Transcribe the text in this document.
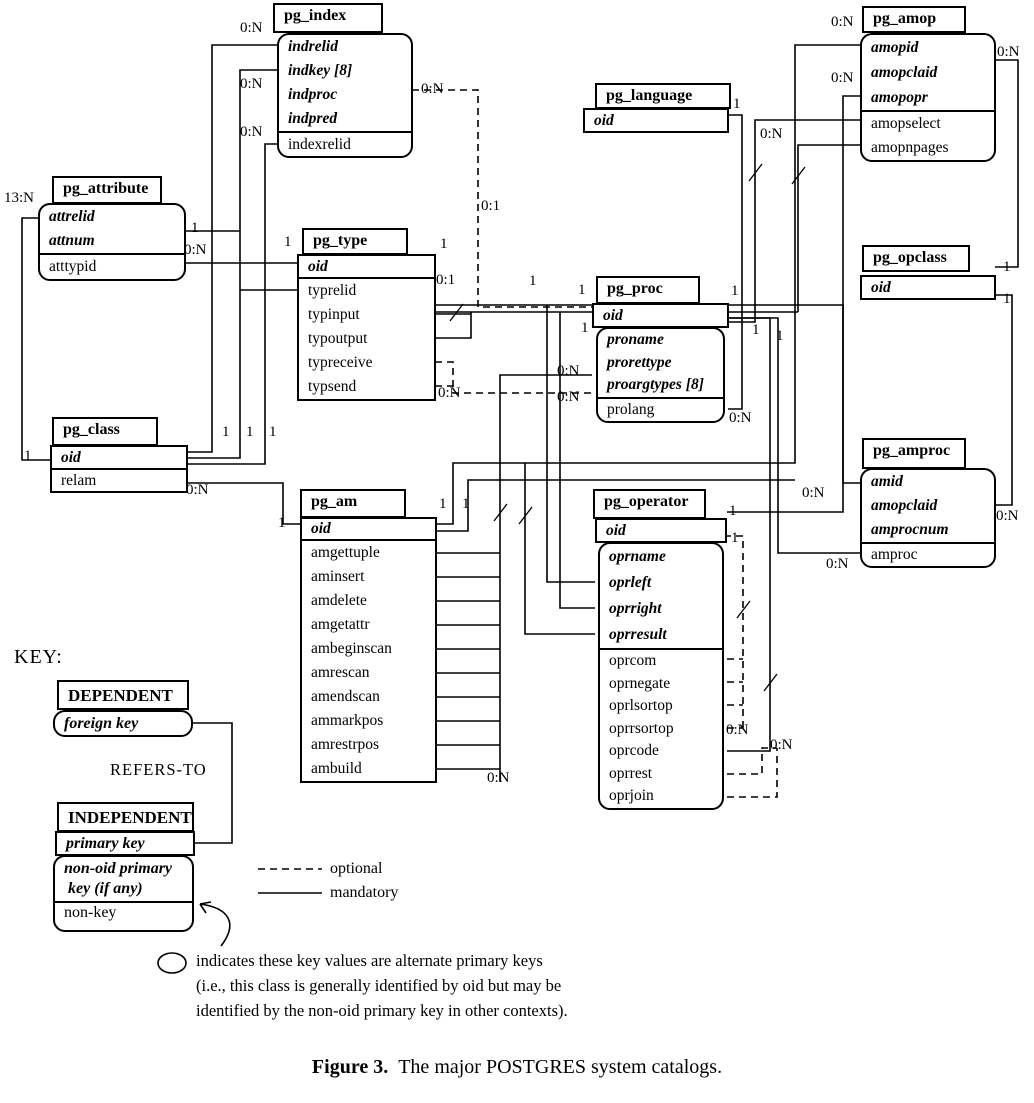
pg_index
indrelid
indkey [8]
indproc
indpred
indexrelid
pg_amop
amopid
amopclaid
amopopr
amopselect
amopnpages
pg_language
oid
pg_attribute
attrelid
attnum
atttypid
pg_type
oid
typrelid
typinput
typoutput
typreceive
typsend
pg_proc
oid
proname
prorettype
proargtypes [8]
prolang
pg_opclass
oid
pg_class
oid
relam
pg_am
oid
amgettuple
aminsert
amdelete
amgetattr
ambeginscan
amrescan
amendscan
ammarkpos
amrestrpos
ambuild
pg_operator
oid
oprname
oprleft
oprright
oprresult
oprcom
oprnegate
oprlsortop
oprrsortop
oprcode
oprrest
oprjoin
pg_amproc
amid
amopclaid
amprocnum
amproc
KEY:
DEPENDENT
foreign key
REFERS-TO
INDEPENDENT
primary key
non-oid primary
key (if any)
non-key
optional
mandatory
indicates these key values are alternate primary keys
(i.e., this class is generally identified by oid but may be
identified by the non-oid primary key in other contexts).
Figure 3. The major POSTGRES system catalogs.
0:N
0:N
0:N
0:N
0:1
0:N
0:N
0:N
1
0:N
13:N
1
0:N	1	1
0:1	1
0:N
1	1
1	1 1
0:N
0:N
0:N
1
1
1
1 1 1
0:N
1
1 1
0:N
1
1
0:N
0:N
0:N
0:N
0:N
